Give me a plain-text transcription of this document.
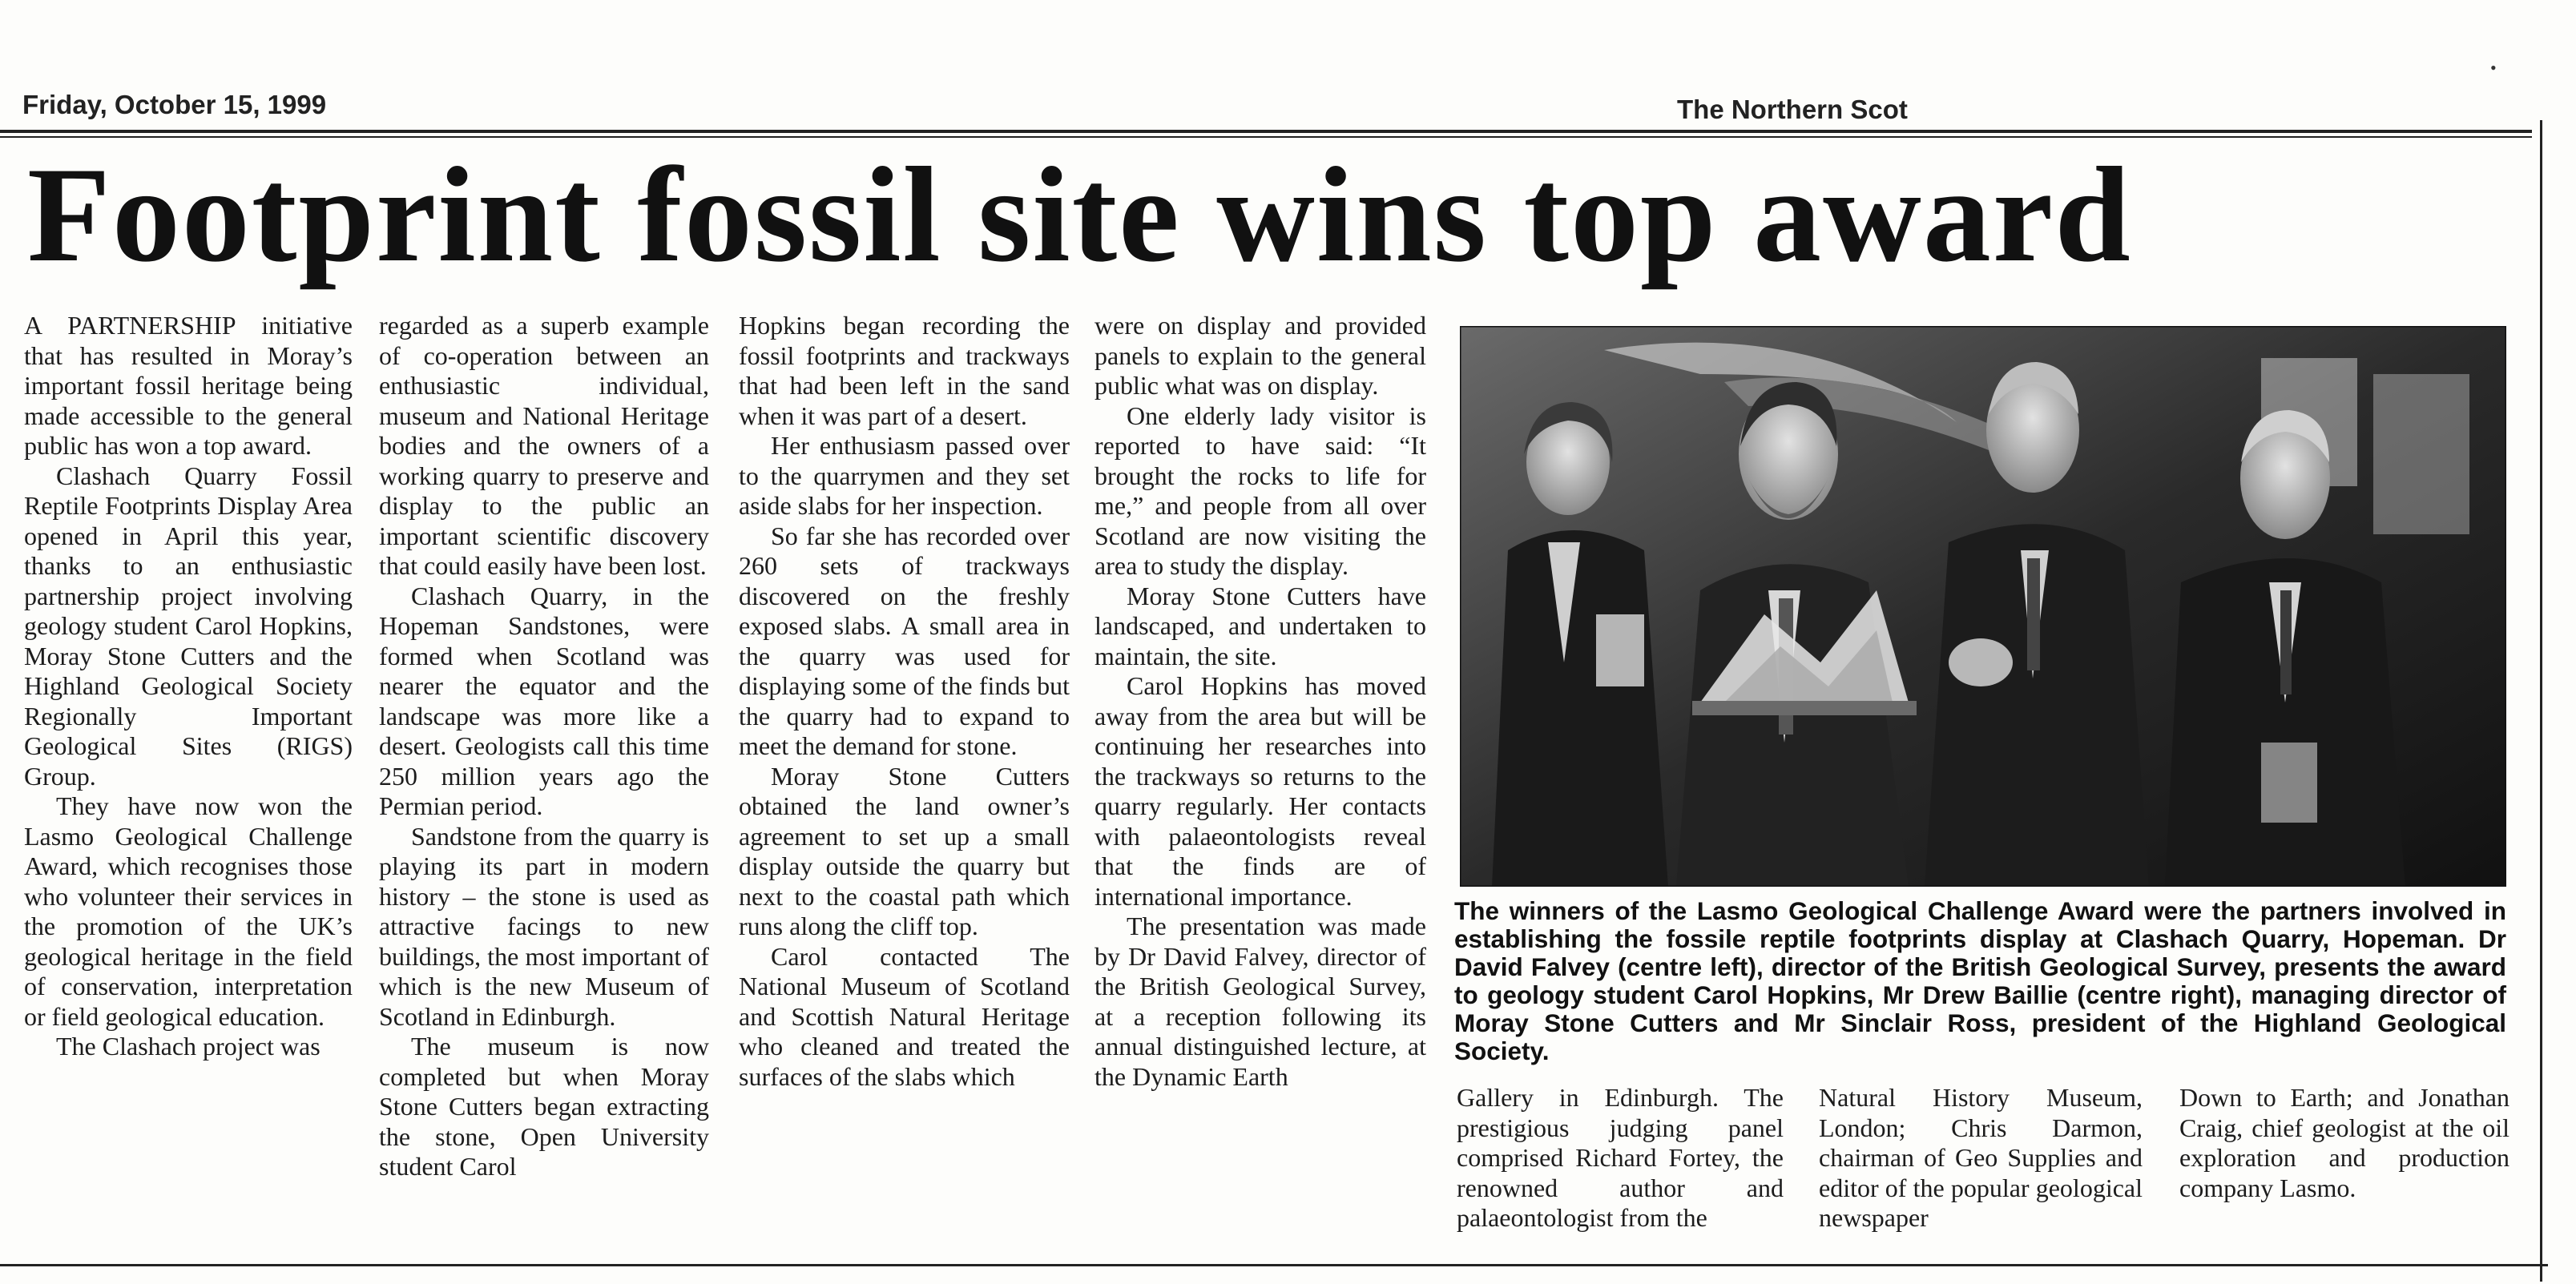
•
Friday, October 15, 1999	The Northern Scot
Footprint fossil site wins top award

A PARTNERSHIP initiative that has resulted in Moray’s important fossil heritage being made accessible to the general public has won a top award.

Clashach Quarry Fossil Reptile Footprints Display Area opened in April this year, thanks to an enthusiastic partnership project involving geology student Carol Hopkins, Moray Stone Cutters and the Highland Geological Society Regionally Important Geological Sites (RIGS) Group.

They have now won the Lasmo Geological Challenge Award, which recognises those who volunteer their services in the promotion of the UK’s geological heritage in the field of conservation, interpretation or field geological education.

The Clashach project was

regarded as a superb example of co-operation between an enthusiastic individual, museum and National Heritage bodies and the owners of a working quarry to preserve and display to the public an important scientific discovery that could easily have been lost.

Clashach Quarry, in the Hopeman Sandstones, were formed when Scotland was nearer the equator and the landscape was more like a desert. Geologists call this time 250 million years ago the Permian period.

Sandstone from the quarry is playing its part in modern history – the stone is used as attractive facings to new buildings, the most important of which is the new Museum of Scotland in Edinburgh.

The museum is now completed but when Moray Stone Cutters began extracting the stone, Open University student Carol

Hopkins began recording the fossil footprints and trackways that had been left in the sand when it was part of a desert.

Her enthusiasm passed over to the quarrymen and they set aside slabs for her inspection.

So far she has recorded over 260 sets of trackways discovered on the freshly exposed slabs. A small area in the quarry was used for displaying some of the finds but the quarry had to expand to meet the demand for stone.

Moray Stone Cutters obtained the land owner’s agreement to set up a small display outside the quarry but next to the coastal path which runs along the cliff top.

Carol contacted The National Museum of Scotland and Scottish Natural Heritage who cleaned and treated the surfaces of the slabs which

were on display and provided panels to explain to the general public what was on display.

One elderly lady visitor is reported to have said: “It brought the rocks to life for me,” and people from all over Scotland are now visiting the area to study the display.

Moray Stone Cutters have landscaped, and undertaken to maintain, the site.

Carol Hopkins has moved away from the area but will be continuing her researches into the trackways so returns to the quarry regularly. Her contacts with palaeontologists reveal that the finds are of international importance.

The presentation was made by Dr David Falvey, director of the British Geological Survey, at a reception following its annual distinguished lecture, at the Dynamic Earth

The winners of the Lasmo Geological Challenge Award were the partners involved in establishing the fossile reptile footprints display at Clashach Quarry, Hopeman. Dr David Falvey (centre left), director of the British Geological Survey, presents the award to geology student Carol Hopkins, Mr Drew Baillie (centre right), managing director of Moray Stone Cutters and Mr Sinclair Ross, president of the Highland Geological Society.

Gallery in Edinburgh. The prestigious judging panel comprised Richard Fortey, the renowned author and palaeontologist from the

Natural History Museum, London; Chris Darmon, chairman of Geo Supplies and editor of the popular geological newspaper

Down to Earth; and Jonathan Craig, chief geologist at the oil exploration and production company Lasmo.
